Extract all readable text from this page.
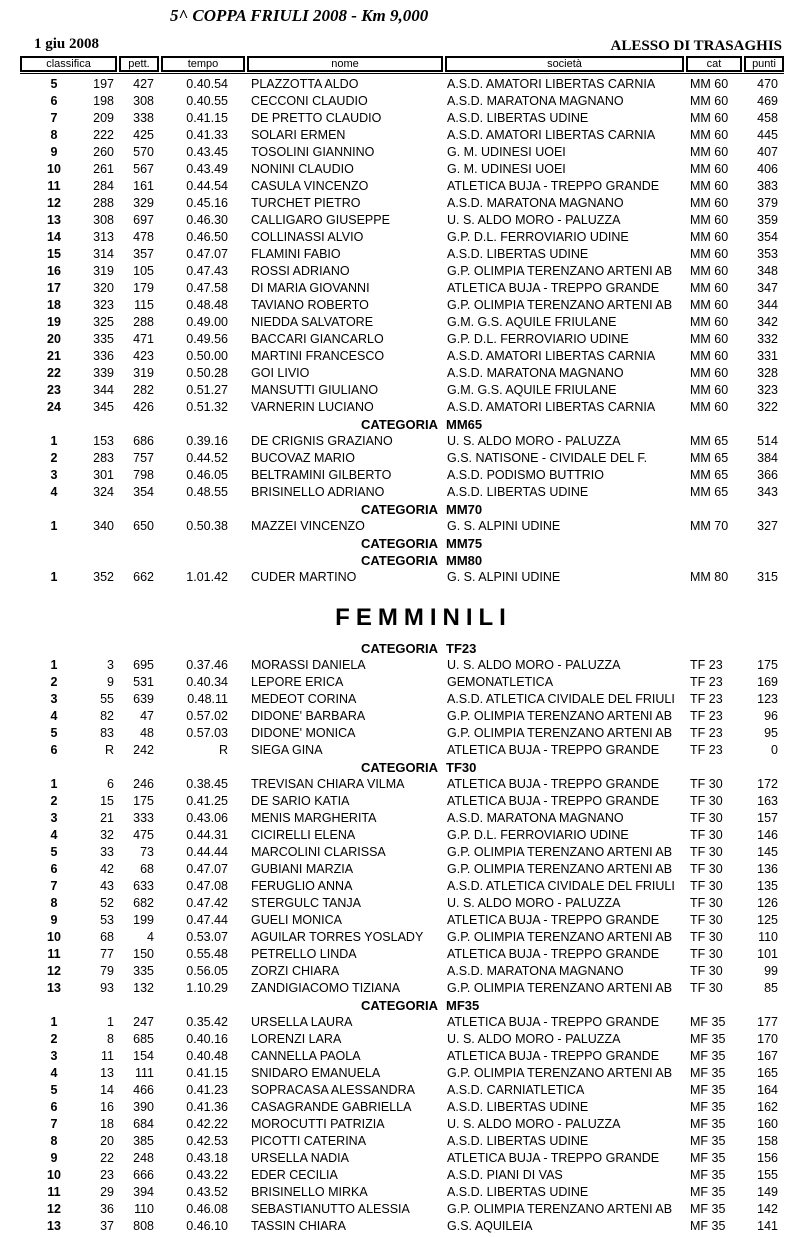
5^ COPPA FRIULI 2008 - Km 9,000
1 giu 2008	ALESSO DI TRASAGHIS
classifica	pett.	tempo	nome	società	cat	punti
5	197	427	0.40.54 PLAZZOTTA ALDO	A.S.D. AMATORI LIBERTAS CARNIA	MM 60	470
6	198	308	0.40.55 CECCONI CLAUDIO	A.S.D. MARATONA MAGNANO	MM 60	469
7	209	338	0.41.15 DE PRETTO CLAUDIO	A.S.D. LIBERTAS UDINE	MM 60	458
8	222	425	0.41.33 SOLARI ERMEN	A.S.D. AMATORI LIBERTAS CARNIA	MM 60	445
9	260	570	0.43.45 TOSOLINI GIANNINO	G. M. UDINESI UOEI	MM 60	407
10	261	567	0.43.49 NONINI CLAUDIO	G. M. UDINESI UOEI	MM 60	406
11	284	161	0.44.54 CASULA VINCENZO	ATLETICA BUJA - TREPPO GRANDE MM 60	383
12	288	329	0.45.16 TURCHET PIETRO	A.S.D. MARATONA MAGNANO	MM 60	379
13	308	697	0.46.30 CALLIGARO GIUSEPPE	U. S. ALDO MORO - PALUZZA	MM 60	359
14	313	478	0.46.50 COLLINASSI ALVIO	G.P. D.L. FERROVIARIO UDINE	MM 60	354
15	314	357	0.47.07 FLAMINI FABIO	A.S.D. LIBERTAS UDINE	MM 60	353
16	319	105	0.47.43 ROSSI ADRIANO	G.P. OLIMPIA TERENZANO ARTENI AB MM 60	348
17	320	179	0.47.58 DI MARIA GIOVANNI	ATLETICA BUJA - TREPPO GRANDE MM 60	347
18	323	115	0.48.48 TAVIANO ROBERTO	G.P. OLIMPIA TERENZANO ARTENI AB MM 60	344
19	325	288	0.49.00 NIEDDA SALVATORE	G.M. G.S. AQUILE FRIULANE	MM 60	342
20	335	471	0.49.56 BACCARI GIANCARLO	G.P. D.L. FERROVIARIO UDINE	MM 60	332
21	336	423	0.50.00 MARTINI FRANCESCO	A.S.D. AMATORI LIBERTAS CARNIA	MM 60	331
22	339	319	0.50.28 GOI LIVIO	A.S.D. MARATONA MAGNANO	MM 60	328
23	344	282	0.51.27 MANSUTTI GIULIANO	G.M. G.S. AQUILE FRIULANE	MM 60	323
24	345	426	0.51.32 VARNERIN LUCIANO	A.S.D. AMATORI LIBERTAS CARNIA	MM 60	322
CATEGORIA MM65
1	153	686	0.39.16 DE CRIGNIS GRAZIANO	U. S. ALDO MORO - PALUZZA	MM 65	514
2	283	757	0.44.52 BUCOVAZ MARIO	G.S. NATISONE - CIVIDALE DEL F.	MM 65	384
3	301	798	0.46.05 BELTRAMINI GILBERTO	A.S.D. PODISMO BUTTRIO	MM 65	366
4	324	354	0.48.55 BRISINELLO ADRIANO	A.S.D. LIBERTAS UDINE	MM 65	343
CATEGORIA MM70
1	340	650	0.50.38 MAZZEI VINCENZO	G. S. ALPINI UDINE	MM 70	327
CATEGORIA MM75
CATEGORIA MM80
1	352	662	1.01.42 CUDER MARTINO	G. S. ALPINI UDINE	MM 80	315
FEMMINILI
CATEGORIA TF23
1	3	695	0.37.46 MORASSI DANIELA	U. S. ALDO MORO - PALUZZA	TF 23	175
2	9	531	0.40.34 LEPORE ERICA	GEMONATLETICA	TF 23	169
3	55	639	0.48.11 MEDEOT CORINA	A.S.D. ATLETICA CIVIDALE DEL FRIULI TF 23	123
4	82	47	0.57.02 DIDONE' BARBARA	G.P. OLIMPIA TERENZANO ARTENI AB TF 23	96
5	83	48	0.57.03 DIDONE' MONICA	G.P. OLIMPIA TERENZANO ARTENI AB TF 23	95
6	R	242	R SIEGA GINA	ATLETICA BUJA - TREPPO GRANDE TF 23	0
CATEGORIA TF30
1	6	246	0.38.45 TREVISAN CHIARA VILMA	ATLETICA BUJA - TREPPO GRANDE TF 30	172
2	15	175	0.41.25 DE SARIO KATIA	ATLETICA BUJA - TREPPO GRANDE TF 30	163
3	21	333	0.43.06 MENIS MARGHERITA	A.S.D. MARATONA MAGNANO	TF 30	157
4	32	475	0.44.31 CICIRELLI ELENA	G.P. D.L. FERROVIARIO UDINE	TF 30	146
5	33	73	0.44.44 MARCOLINI CLARISSA	G.P. OLIMPIA TERENZANO ARTENI AB TF 30	145
6	42	68	0.47.07 GUBIANI MARZIA	G.P. OLIMPIA TERENZANO ARTENI AB TF 30	136
7	43	633	0.47.08 FERUGLIO ANNA	A.S.D. ATLETICA CIVIDALE DEL FRIULI TF 30	135
8	52	682	0.47.42 STERGULC TANJA	U. S. ALDO MORO - PALUZZA	TF 30	126
9	53	199	0.47.44 GUELI MONICA	ATLETICA BUJA - TREPPO GRANDE TF 30	125
10	68	4	0.53.07 AGUILAR TORRES YOSLADY G.P. OLIMPIA TERENZANO ARTENI AB TF 30	110
11	77	150	0.55.48 PETRELLO LINDA	ATLETICA BUJA - TREPPO GRANDE TF 30	101
12	79	335	0.56.05 ZORZI CHIARA	A.S.D. MARATONA MAGNANO	TF 30	99
13	93	132	1.10.29 ZANDIGIACOMO TIZIANA	G.P. OLIMPIA TERENZANO ARTENI AB TF 30	85
CATEGORIA MF35
1	1	247	0.35.42 URSELLA LAURA	ATLETICA BUJA - TREPPO GRANDE MF 35	177
2	8	685	0.40.16 LORENZI LARA	U. S. ALDO MORO - PALUZZA	MF 35	170
3	11	154	0.40.48 CANNELLA PAOLA	ATLETICA BUJA - TREPPO GRANDE MF 35	167
4	13	111	0.41.15 SNIDARO EMANUELA	G.P. OLIMPIA TERENZANO ARTENI AB MF 35	165
5	14	466	0.41.23 SOPRACASA ALESSANDRA	A.S.D. CARNIATLETICA	MF 35	164
6	16	390	0.41.36 CASAGRANDE GABRIELLA	A.S.D. LIBERTAS UDINE	MF 35	162
7	18	684	0.42.22 MOROCUTTI PATRIZIA	U. S. ALDO MORO - PALUZZA	MF 35	160
8	20	385	0.42.53 PICOTTI CATERINA	A.S.D. LIBERTAS UDINE	MF 35	158
9	22	248	0.43.18 URSELLA NADIA	ATLETICA BUJA - TREPPO GRANDE MF 35	156
10	23	666	0.43.22 EDER CECILIA	A.S.D. PIANI DI VAS	MF 35	155
11	29	394	0.43.52 BRISINELLO MIRKA	A.S.D. LIBERTAS UDINE	MF 35	149
12	36	110	0.46.08 SEBASTIANUTTO ALESSIA	G.P. OLIMPIA TERENZANO ARTENI AB MF 35	142
13	37	808	0.46.10 TASSIN CHIARA	G.S. AQUILEIA	MF 35	141
